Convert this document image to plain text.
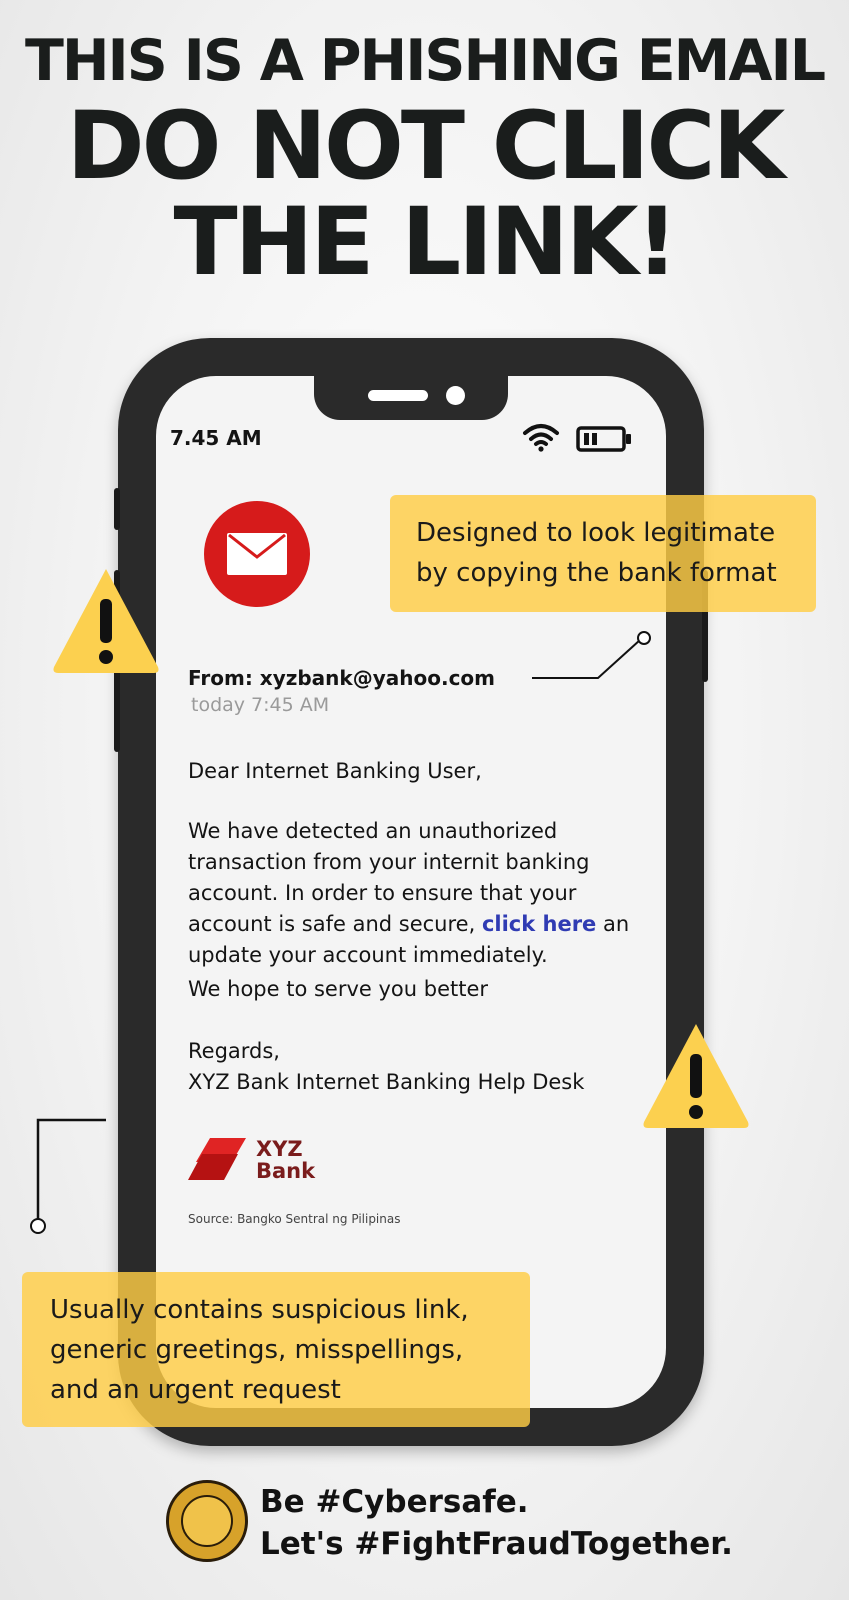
THIS IS A PHISHING EMAIL
DO NOT CLICK
THE LINK!
7.45 AM
From: xyzbank@yahoo.com
today 7:45 AM
Dear Internet Banking User,
We have detected an unauthorized transaction from your internit banking account. In order to ensure that your account is safe and secure, click here an update your account immediately.
We hope to serve you better
Regards,
XYZ Bank Internet Banking Help Desk
XYZ
Bank
Source: Bangko Sentral ng Pilipinas
Designed to look legitimate by copying the bank format
Usually contains suspicious link, generic greetings, misspellings, and an urgent request
Be #Cybersafe.
Let's #FightFraudTogether.
